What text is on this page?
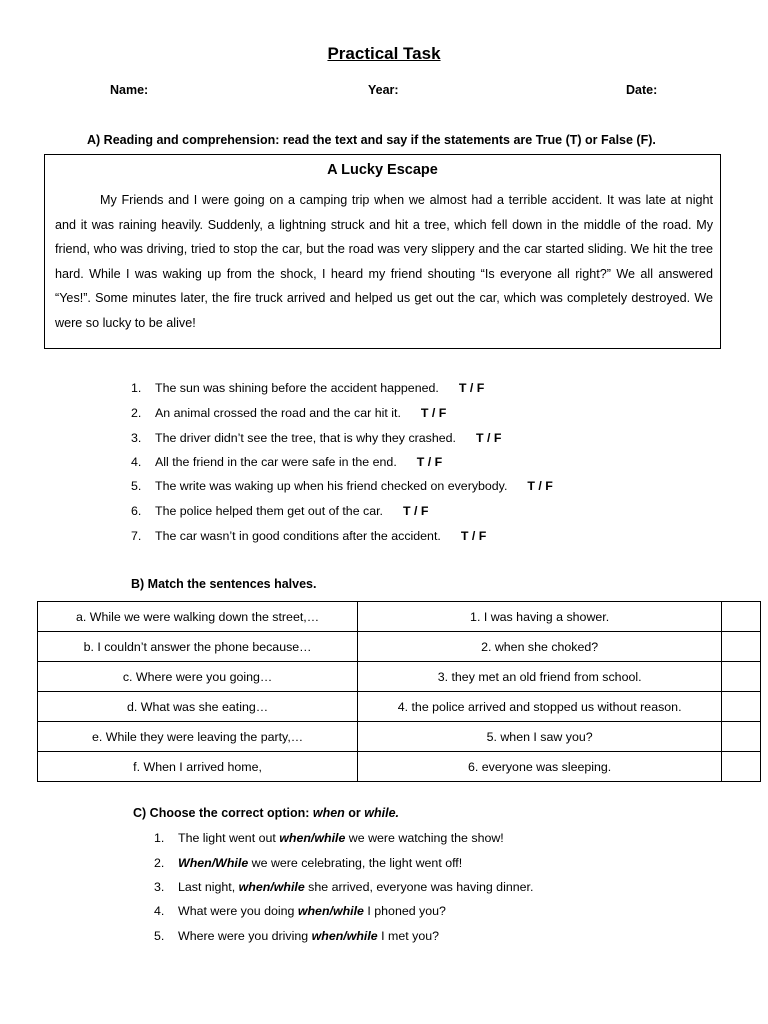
Practical Task
Name:	Year:	Date:
A) Reading and comprehension: read the text and say if the statements are True (T) or False (F).
A Lucky Escape
My Friends and I were going on a camping trip when we almost had a terrible accident. It was late at night and it was raining heavily. Suddenly, a lightning struck and hit a tree, which fell down in the middle of the road. My friend, who was driving, tried to stop the car, but the road was very slippery and the car started sliding. We hit the tree hard. While I was waking up from the shock, I heard my friend shouting “Is everyone all right?” We all answered “Yes!”. Some minutes later, the fire truck arrived and helped us get out the car, which was completely destroyed. We were so lucky to be alive!
1. The sun was shining before the accident happened. T / F
2. An animal crossed the road and the car hit it. T / F
3. The driver didn’t see the tree, that is why they crashed. T / F
4. All the friend in the car were safe in the end. T / F
5. The write was waking up when his friend checked on everybody. T / F
6. The police helped them get out of the car. T / F
7. The car wasn’t in good conditions after the accident. T / F
B) Match the sentences halves.
a. While we were walking down the street,…	1. I was having a shower.	
b. I couldn’t answer the phone because…	2. when she choked?	
c. Where were you going…	3. they met an old friend from school.	
d. What was she eating…	4. the police arrived and stopped us without reason.	
e. While they were leaving the party,…	5. when I saw you?	
f. When I arrived home,	6. everyone was sleeping.	
C) Choose the correct option: when or while.
1. The light went out when/while we were watching the show!
2. When/While we were celebrating, the light went off!
3. Last night, when/while she arrived, everyone was having dinner.
4. What were you doing when/while I phoned you?
5. Where were you driving when/while I met you?
